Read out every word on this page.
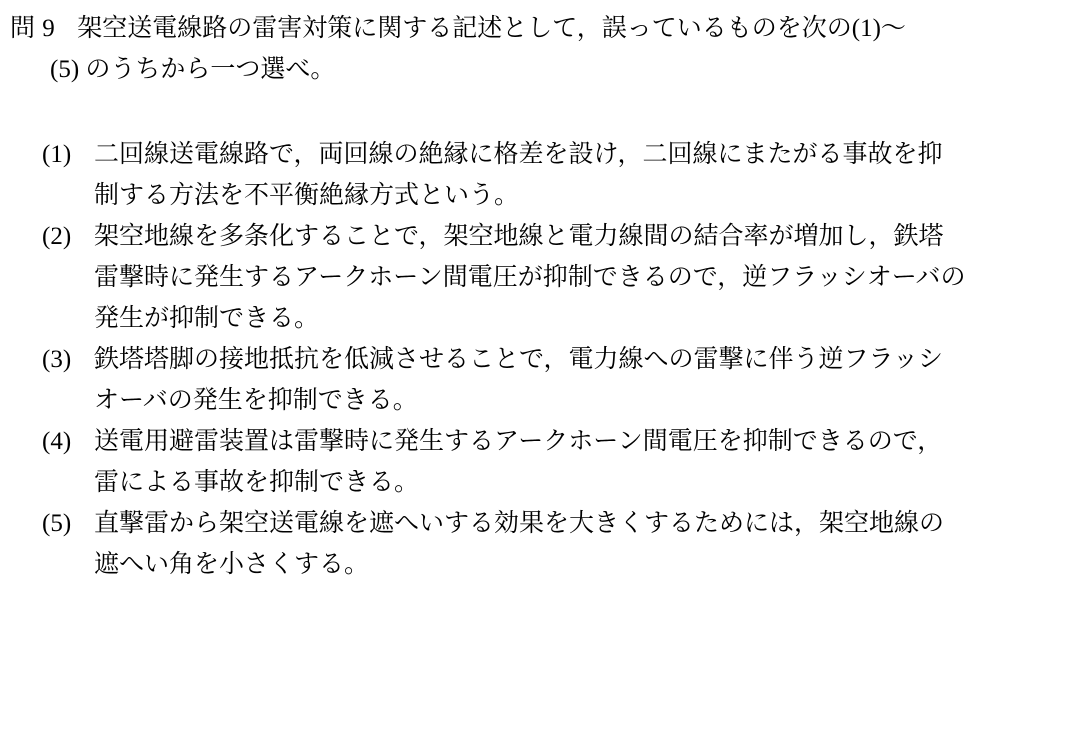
問 9 架空送電線路の雷害対策に関する記述として，誤っているものを次の(1)～
(5) のうちから一つ選べ。
(1) 二回線送電線路で，両回線の絶縁に格差を設け，二回線にまたがる事故を抑
制する方法を不平衡絶縁方式という。
(2) 架空地線を多条化することで，架空地線と電力線間の結合率が増加し，鉄塔
雷撃時に発生するアークホーン間電圧が抑制できるので，逆フラッシオーバの
発生が抑制できる。
(3) 鉄塔塔脚の接地抵抗を低減させることで，電力線への雷撃に伴う逆フラッシ
オーバの発生を抑制できる。
(4) 送電用避雷装置は雷撃時に発生するアークホーン間電圧を抑制できるので，
雷による事故を抑制できる。
(5) 直撃雷から架空送電線を遮へいする効果を大きくするためには，架空地線の
遮へい角を小さくする。
